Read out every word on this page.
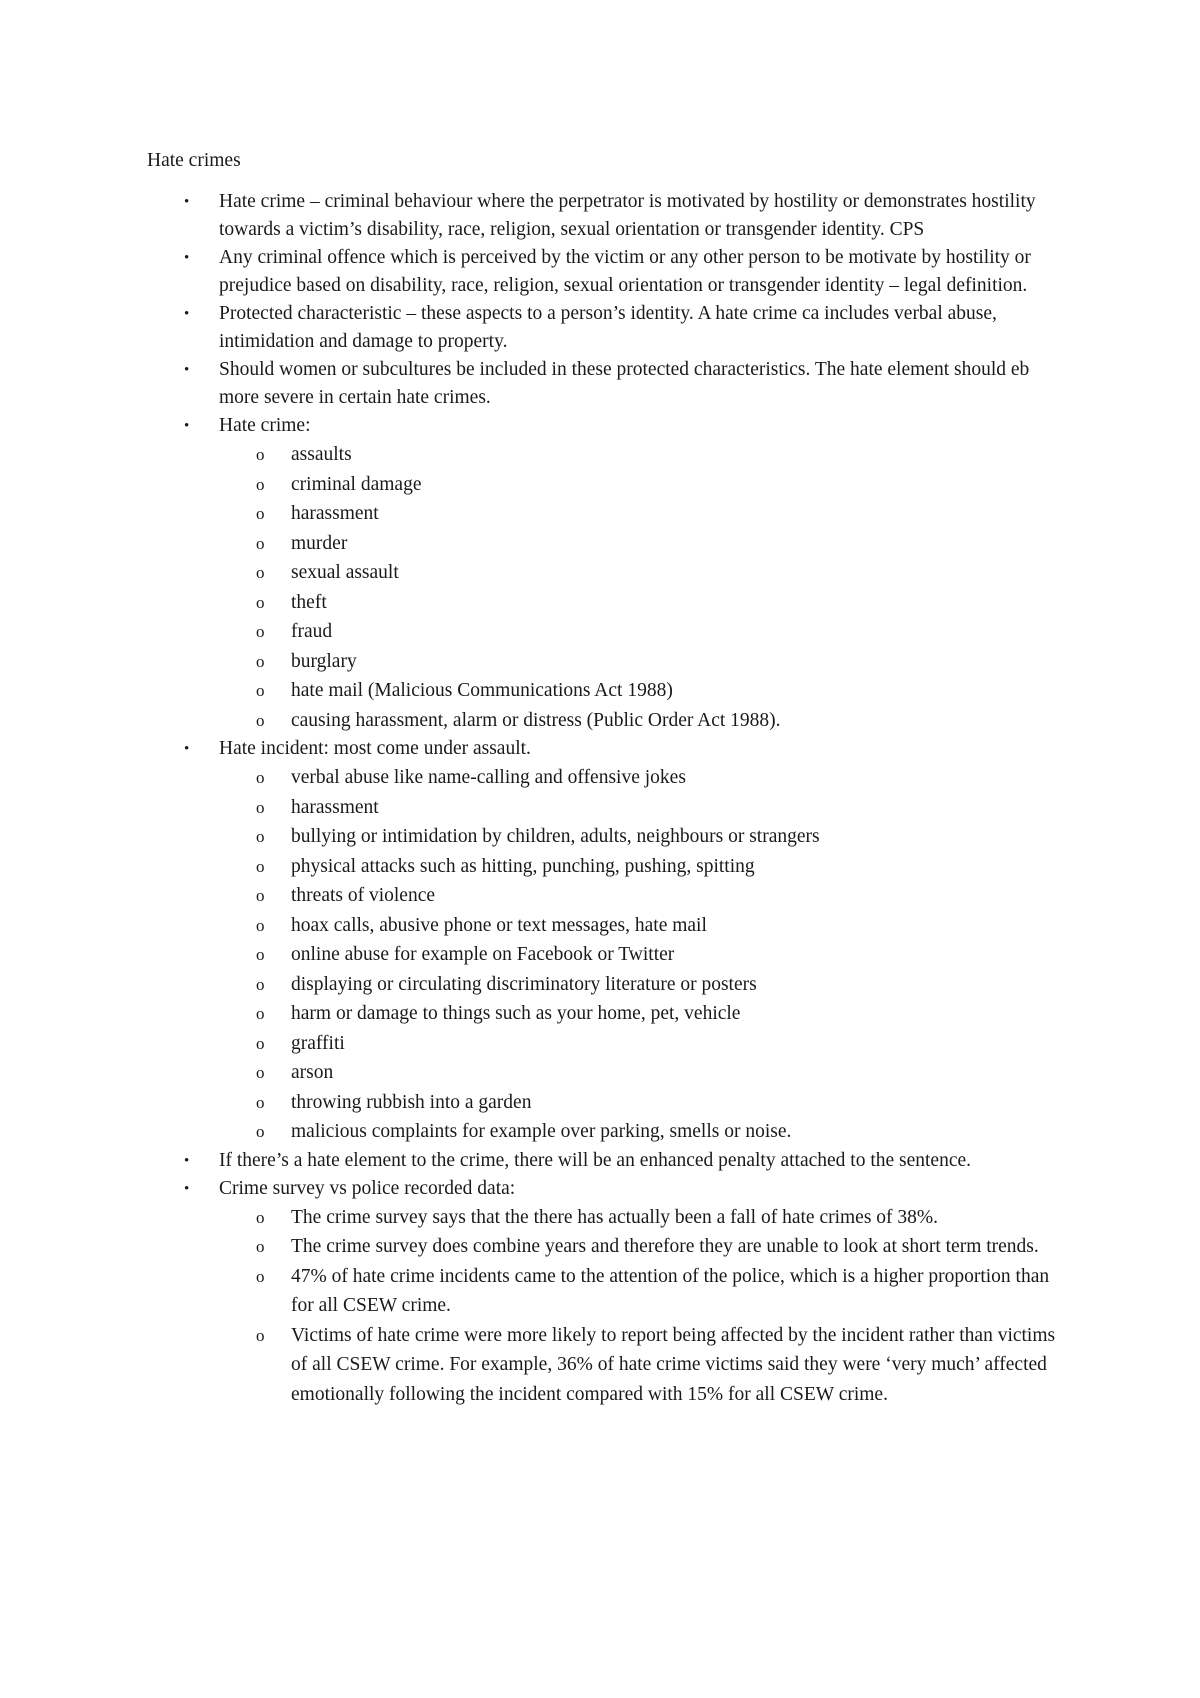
Hate crimes
• Hate crime – criminal behaviour where the perpetrator is motivated by hostility or demonstrates hostility towards a victim’s disability, race, religion, sexual orientation or transgender identity. CPS
• Any criminal offence which is perceived by the victim or any other person to be motivate by hostility or prejudice based on disability, race, religion, sexual orientation or transgender identity – legal definition.
• Protected characteristic – these aspects to a person’s identity. A hate crime ca includes verbal abuse, intimidation and damage to property.
• Should women or subcultures be included in these protected characteristics. The hate element should eb more severe in certain hate crimes.
• Hate crime:
o assaults
o criminal damage
o harassment
o murder
o sexual assault
o theft
o fraud
o burglary
o hate mail (Malicious Communications Act 1988)
o causing harassment, alarm or distress (Public Order Act 1988).
• Hate incident: most come under assault.
o verbal abuse like name-calling and offensive jokes
o harassment
o bullying or intimidation by children, adults, neighbours or strangers
o physical attacks such as hitting, punching, pushing, spitting
o threats of violence
o hoax calls, abusive phone or text messages, hate mail
o online abuse for example on Facebook or Twitter
o displaying or circulating discriminatory literature or posters
o harm or damage to things such as your home, pet, vehicle
o graffiti
o arson
o throwing rubbish into a garden
o malicious complaints for example over parking, smells or noise.
• If there’s a hate element to the crime, there will be an enhanced penalty attached to the sentence.
• Crime survey vs police recorded data:
o The crime survey says that the there has actually been a fall of hate crimes of 38%.
o The crime survey does combine years and therefore they are unable to look at short term trends.
o 47% of hate crime incidents came to the attention of the police, which is a higher proportion than for all CSEW crime.
o Victims of hate crime were more likely to report being affected by the incident rather than victims of all CSEW crime. For example, 36% of hate crime victims said they were ‘very much’ affected emotionally following the incident compared with 15% for all CSEW crime.
